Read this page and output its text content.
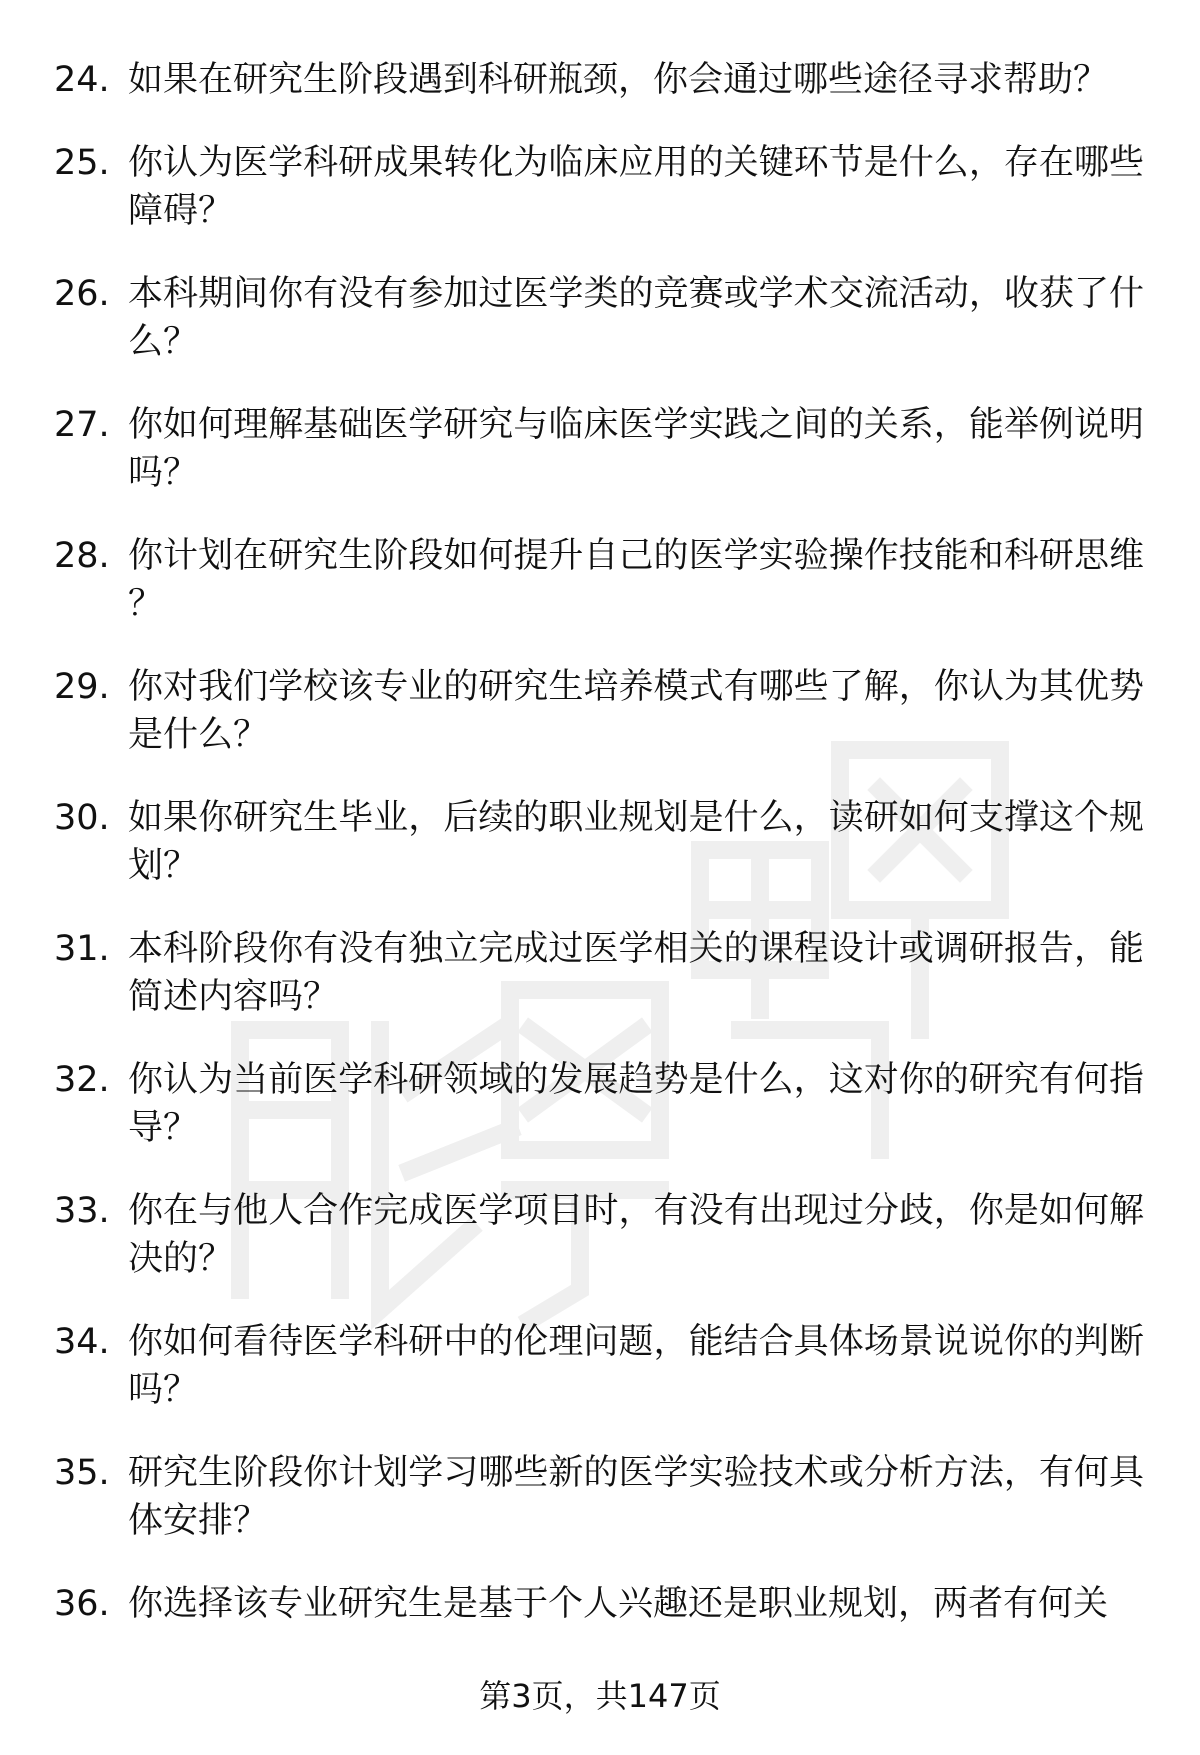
24. 如果在研究生阶段遇到科研瓶颈，你会通过哪些途径寻求帮助？
25. 你认为医学科研成果转化为临床应用的关键环节是什么，存在哪些障碍？
26. 本科期间你有没有参加过医学类的竞赛或学术交流活动，收获了什么？
27. 你如何理解基础医学研究与临床医学实践之间的关系，能举例说明吗？
28. 你计划在研究生阶段如何提升自己的医学实验操作技能和科研思维？
29. 你对我们学校该专业的研究生培养模式有哪些了解，你认为其优势是什么？
30. 如果你研究生毕业，后续的职业规划是什么，读研如何支撑这个规划？
31. 本科阶段你有没有独立完成过医学相关的课程设计或调研报告，能简述内容吗？
32. 你认为当前医学科研领域的发展趋势是什么，这对你的研究有何指导？
33. 你在与他人合作完成医学项目时，有没有出现过分歧，你是如何解决的？
34. 你如何看待医学科研中的伦理问题，能结合具体场景说说你的判断吗？
35. 研究生阶段你计划学习哪些新的医学实验技术或分析方法，有何具体安排？
36. 你选择该专业研究生是基于个人兴趣还是职业规划，两者有何关
第3页，共147页
